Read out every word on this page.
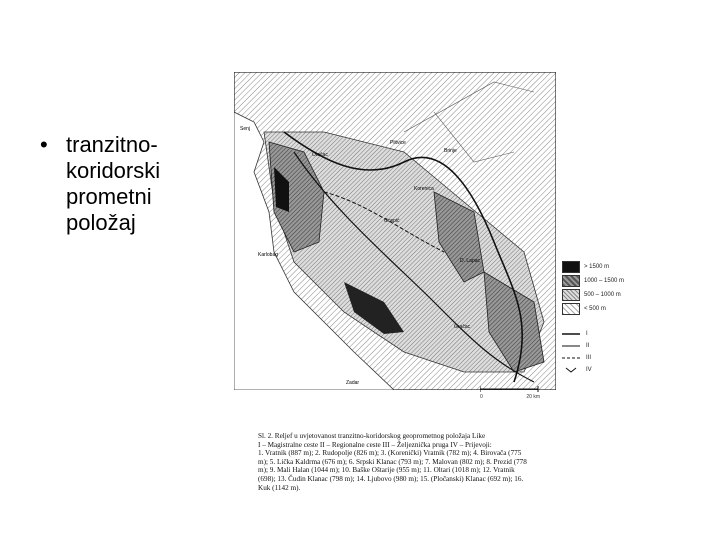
• tranzitno-
koridorski
prometni
položaj
Senj
Karlobag
Zadar
Otočac
Gospić
Korenica
Plitvice
D. Lapac
Gračac
Brinje
> 1500 m
1000 – 1500 m
500 – 1000 m
< 500 m
I
II
III
IV
0	20 km

Sl. 2. Reljef u uvjetovanost tranzitno-koridorskog geoprometnog položaja Like

I – Magistralne ceste II – Regionalne ceste III – Željeznička pruga IV – Prijevoji:

1. Vratnik (887 m); 2. Rudopolje (826 m); 3. (Korenički) Vratnik (782 m); 4. Birovača (775

m); 5. Lička Kaldrma (676 m); 6. Srpski Klanac (793 m); 7. Malovan (802 m); 8. Prezid (778

m); 9. Mali Halan (1044 m); 10. Baške Oštarije (955 m); 11. Oltari (1018 m); 12. Vratnik

(698); 13. Čudin Klanac (798 m); 14. Ljubovo (980 m); 15. (Pločanski) Klanac (692 m); 16.

Kuk (1142 m).
